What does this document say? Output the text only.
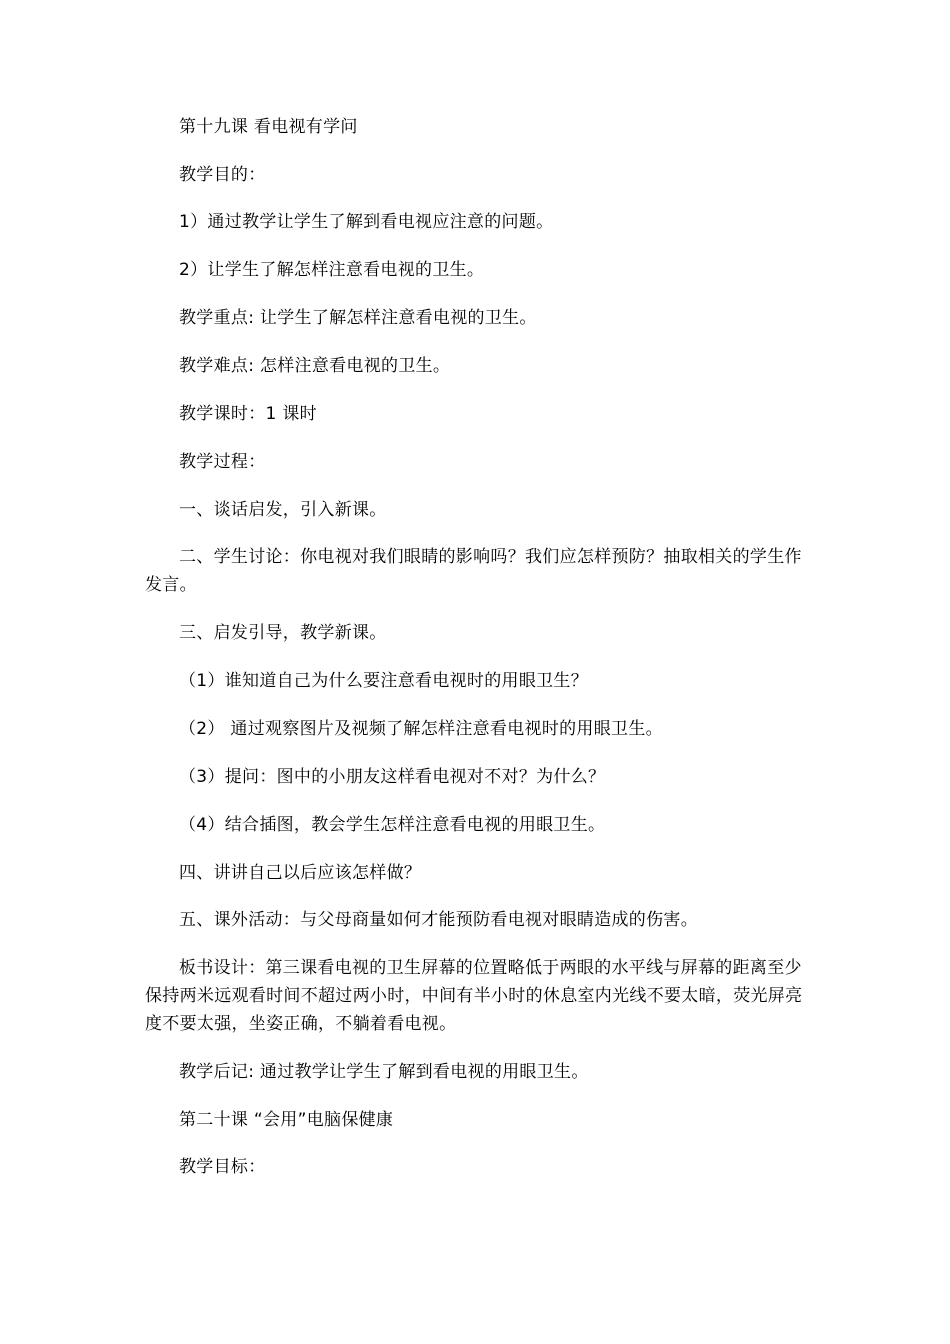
第十九课 看电视有学问

教学目的：

1）通过教学让学生了解到看电视应注意的问题。

2）让学生了解怎样注意看电视的卫生。

教学重点: 让学生了解怎样注意看电视的卫生。

教学难点: 怎样注意看电视的卫生。

教学课时：1 课时

教学过程：

一、谈话启发，引入新课。

二、学生讨论：你电视对我们眼睛的影响吗？我们应怎样预防？抽取相关的学生作发言。

三、启发引导，教学新课。

（1）谁知道自己为什么要注意看电视时的用眼卫生？

（2） 通过观察图片及视频了解怎样注意看电视时的用眼卫生。

（3）提问：图中的小朋友这样看电视对不对？为什么？

（4）结合插图，教会学生怎样注意看电视的用眼卫生。

四、讲讲自己以后应该怎样做？

五、课外活动：与父母商量如何才能预防看电视对眼睛造成的伤害。

板书设计：第三课看电视的卫生屏幕的位置略低于两眼的水平线与屏幕的距离至少保持两米远观看时间不超过两小时，中间有半小时的休息室内光线不要太暗，荧光屏亮度不要太强，坐姿正确，不躺着看电视。

教学后记: 通过教学让学生了解到看电视的用眼卫生。

第二十课 “会用”电脑保健康

教学目标：
